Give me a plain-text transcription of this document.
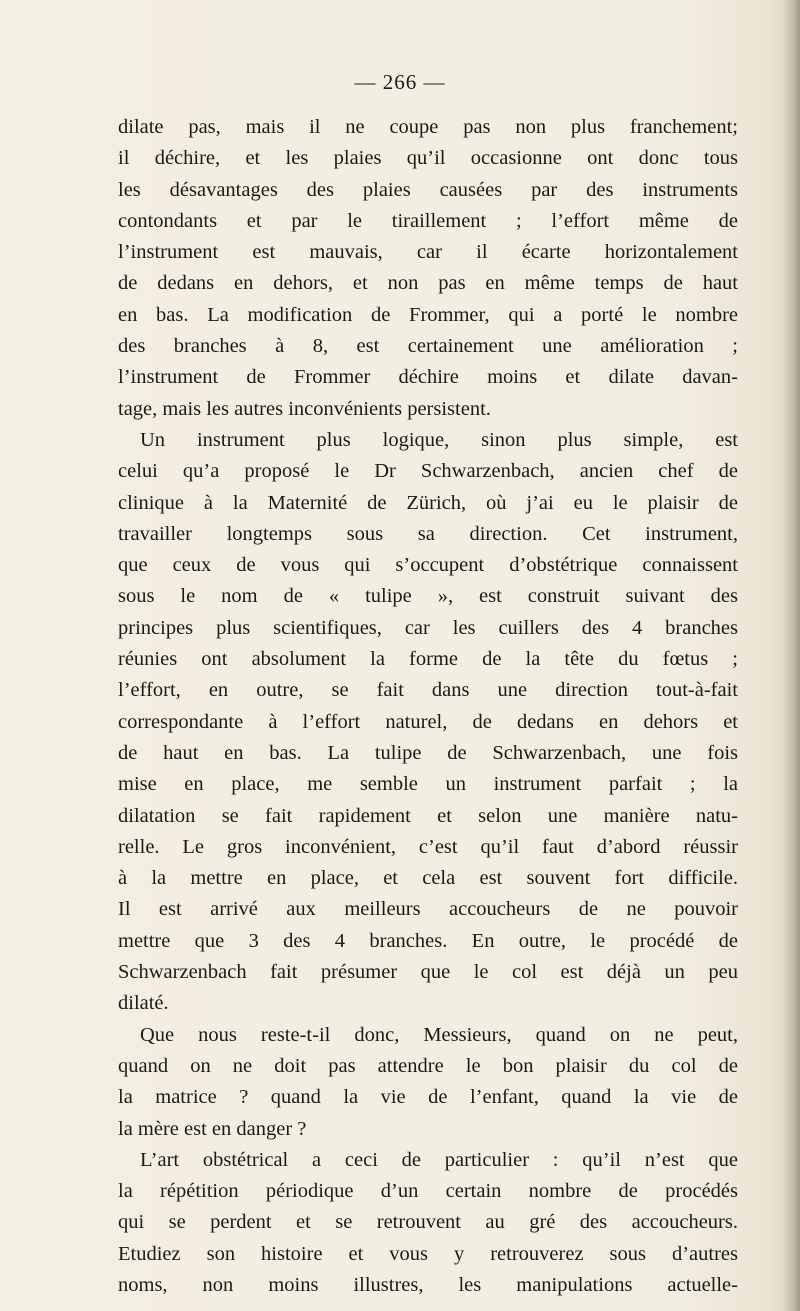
— 266 —
dilate pas, mais il ne coupe pas non plus franchement;
il déchire, et les plaies qu’il occasionne ont donc tous
les désavantages des plaies causées par des instruments
contondants et par le tiraillement ; l’effort même de
l’instrument est mauvais, car il écarte horizontalement
de dedans en dehors, et non pas en même temps de haut
en bas. La modification de Frommer, qui a porté le nombre
des branches à 8, est certainement une amélioration ;
l’instrument de Frommer déchire moins et dilate davan-
tage, mais les autres inconvénients persistent.
Un instrument plus logique, sinon plus simple, est
celui qu’a proposé le Dr Schwarzenbach, ancien chef de
clinique à la Maternité de Zürich, où j’ai eu le plaisir de
travailler longtemps sous sa direction. Cet instrument,
que ceux de vous qui s’occupent d’obstétrique connaissent
sous le nom de « tulipe », est construit suivant des
principes plus scientifiques, car les cuillers des 4 branches
réunies ont absolument la forme de la tête du fœtus ;
l’effort, en outre, se fait dans une direction tout-à-fait
correspondante à l’effort naturel, de dedans en dehors et
de haut en bas. La tulipe de Schwarzenbach, une fois
mise en place, me semble un instrument parfait ; la
dilatation se fait rapidement et selon une manière natu-
relle. Le gros inconvénient, c’est qu’il faut d’abord réussir
à la mettre en place, et cela est souvent fort difficile.
Il est arrivé aux meilleurs accoucheurs de ne pouvoir
mettre que 3 des 4 branches. En outre, le procédé de
Schwarzenbach fait présumer que le col est déjà un peu
dilaté.
Que nous reste-t-il donc, Messieurs, quand on ne peut,
quand on ne doit pas attendre le bon plaisir du col de
la matrice ? quand la vie de l’enfant, quand la vie de
la mère est en danger ?
L’art obstétrical a ceci de particulier : qu’il n’est que
la répétition périodique d’un certain nombre de procédés
qui se perdent et se retrouvent au gré des accoucheurs.
Etudiez son histoire et vous y retrouverez sous d’autres
noms, non moins illustres, les manipulations actuelle-
